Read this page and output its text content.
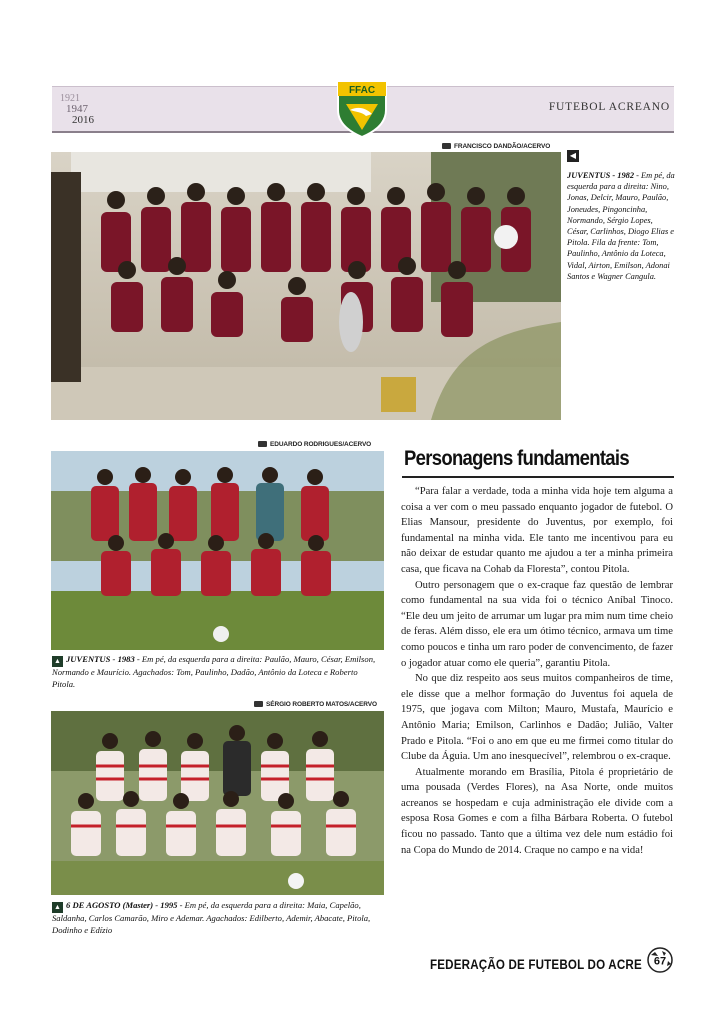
1921
1947
2016
FUTEBOL ACREANO
FFAC
FRANCISCO DANDÃO/ACERVO
◀
JUVENTUS - 1982 - Em pé, da esquerda para a direita: Nino, Jonas, Delcir, Mauro, Paulão, Joneudes, Pingoncinha, Normando, Sérgio Lopes, César, Carlinhos, Diogo Elias e Pitola. Fila da frente: Tom, Paulinho, Antônio da Loteca, Vidal, Airton, Emilson, Adonai Santos e Wagner Cangula.
EDUARDO RODRIGUES/ACERVO
▲ JUVENTUS - 1983 - Em pé, da esquerda para a direita: Paulão, Mauro, César, Emilson, Normando e Maurício. Agachados: Tom, Paulinho, Dadão, Antônio da Loteca e Roberto Pitola.
SÉRGIO ROBERTO MATOS/ACERVO
▲ 6 DE AGOSTO (Master) - 1995 - Em pé, da esquerda para a direita: Maia, Capelão, Saldanha, Carlos Camarão, Miro e Ademar. Agachados: Edilberto, Ademir, Abacate, Pitola, Dodinho e Edízio
Personagens fundamentais

“Para falar a verdade, toda a minha vida hoje tem alguma a coisa a ver com o meu passado enquanto jogador de futebol. O Elias Mansour, presidente do Juventus, por exemplo, foi fundamental na minha vida. Ele tanto me incentivou para eu não deixar de estudar quanto me ajudou a ter a minha primeira casa, que ficava na Cohab da Floresta”, contou Pitola.

Outro personagem que o ex-craque faz questão de lembrar como fundamental na sua vida foi o técnico Aníbal Tinoco. “Ele deu um jeito de arrumar um lugar pra mim num time cheio de feras. Além disso, ele era um ótimo técnico, armava um time como poucos e tinha um raro poder de convencimento, de fazer o jogador atuar como ele queria”, garantiu Pitola.

No que diz respeito aos seus muitos companheiros de time, ele disse que a melhor formação do Juventus foi aquela de 1975, que jogava com Milton; Mauro, Mustafa, Maurício e Antônio Maria; Emilson, Carlinhos e Dadão; Julião, Valter Prado e Pitola. “Foi o ano em que eu me firmei como titular do Clube da Águia. Um ano inesquecível”, relembrou o ex-craque.

Atualmente morando em Brasília, Pitola é proprietário de uma pousada (Verdes Flores), na Asa Norte, onde muitos acreanos se hospedam e cuja administração ele divide com a esposa Rosa Gomes e com a filha Bárbara Roberta. O futebol ficou no passado. Tanto que a última vez dele num estádio foi na Copa do Mundo de 2014. Craque no campo e na vida!

FEDERAÇÃO DE FUTEBOL DO ACRE 67
